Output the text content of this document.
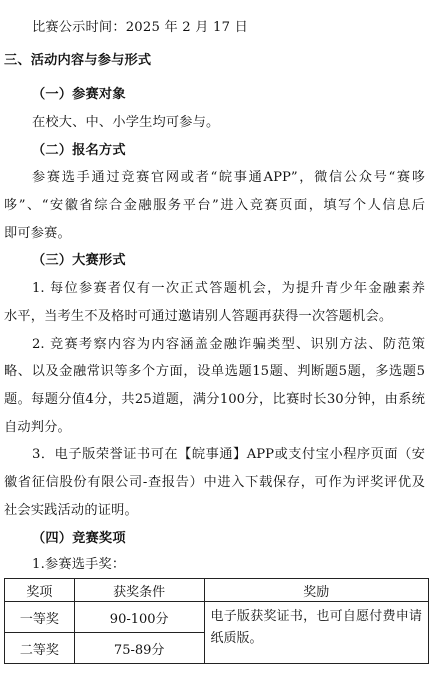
比赛公示时间：2025 年 2 月 17 日
三、活动内容与参与形式
（一）参赛对象
在校大、中、小学生均可参与。
（二）报名方式
参赛选手通过竞赛官网或者“皖事通APP”，微信公众号“赛哆
哆”、“安徽省综合金融服务平台”进入竞赛页面，填写个人信息后
即可参赛。
（三）大赛形式
1. 每位参赛者仅有一次正式答题机会，为提升青少年金融素养
水平，当考生不及格时可通过邀请别人答题再获得一次答题机会。
2. 竞赛考察内容为内容涵盖金融诈骗类型、识别方法、防范策
略、以及金融常识等多个方面，设单选题15题、判断题5题，多选题5
题。每题分值4分，共25道题，满分100分，比赛时长30分钟，由系统
自动判分。
3．电子版荣誉证书可在【皖事通】APP或支付宝小程序页面（安
徽省征信股份有限公司-查报告）中进入下载保存，可作为评奖评优及
社会实践活动的证明。
（四）竞赛奖项
1.参赛选手奖：
奖项	获奖条件	奖励
一等奖	90-100分	电子版获奖证书，也可自愿付费申请纸质版。

二等奖	75-89分	
